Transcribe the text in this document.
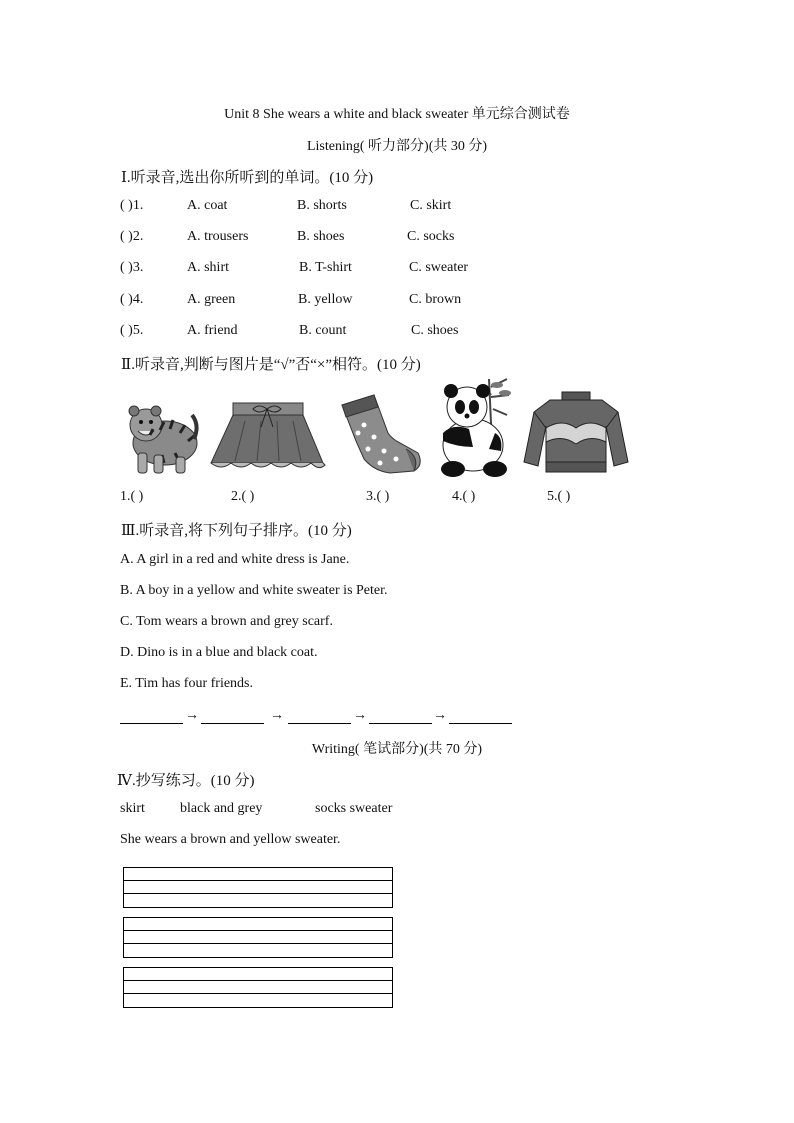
Unit 8 She wears a white and black sweater 单元综合测试卷
Listening( 听力部分)(共 30 分)
Ⅰ.听录音,选出你所听到的单词。(10 分)
( )1.	A. coat	B. shorts	C. skirt
( )2.	A. trousers	B. shoes	C. socks
( )3.	A. shirt	B. T-shirt	C. sweater
( )4.	A. green	B. yellow	C. brown
( )5.	A. friend	B. count	C. shoes
Ⅱ.听录音,判断与图片是“√”否“×”相符。(10 分)
1.( )	2.( )	3.( )	4.( )	5.( )
Ⅲ.听录音,将下列句子排序。(10 分)
A. A girl in a red and white dress is Jane.
B. A boy in a yellow and white sweater is Peter.
C. Tom wears a brown and grey scarf.
D. Dino is in a blue and black coat.
E. Tim has four friends.
→	→	→	→
Writing( 笔试部分)(共 70 分)
Ⅳ.抄写练习。(10 分)
skirt	black and grey	socks sweater
She wears a brown and yellow sweater.
